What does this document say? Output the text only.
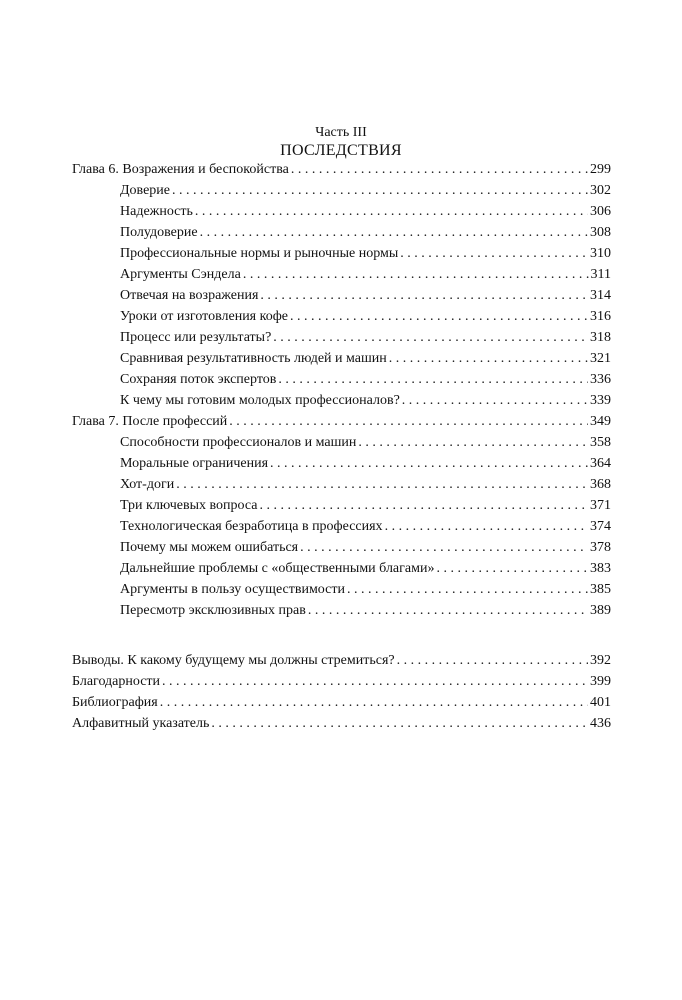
Часть III
ПОСЛЕДСТВИЯ
Глава 6. Возражения и беспокойства . . .	299
Доверие . . .	302
Надежность . . .	306
Полудоверие . . .	308
Профессиональные нормы и рыночные нормы . . .	310
Аргументы Сэндела . . .	311
Отвечая на возражения . . .	314
Уроки от изготовления кофе . . .	316
Процесс или результаты? . . .	318
Сравнивая результативность людей и машин . . .	321
Сохраняя поток экспертов . . .	336
К чему мы готовим молодых профессионалов? . . .	339
Глава 7. После профессий . . .	349
Способности профессионалов и машин . . .	358
Моральные ограничения . . .	364
Хот-доги . . .	368
Три ключевых вопроса . . .	371
Технологическая безработица в профессиях . . .	374
Почему мы можем ошибаться . . .	378
Дальнейшие проблемы с «общественными благами» . . .	383
Аргументы в пользу осуществимости . . .	385
Пересмотр эксклюзивных прав . . .	389
Выводы. К какому будущему мы должны стремиться? . . .	392
Благодарности . . .	399
Библиография . . .	401
Алфавитный указатель . . .	436
